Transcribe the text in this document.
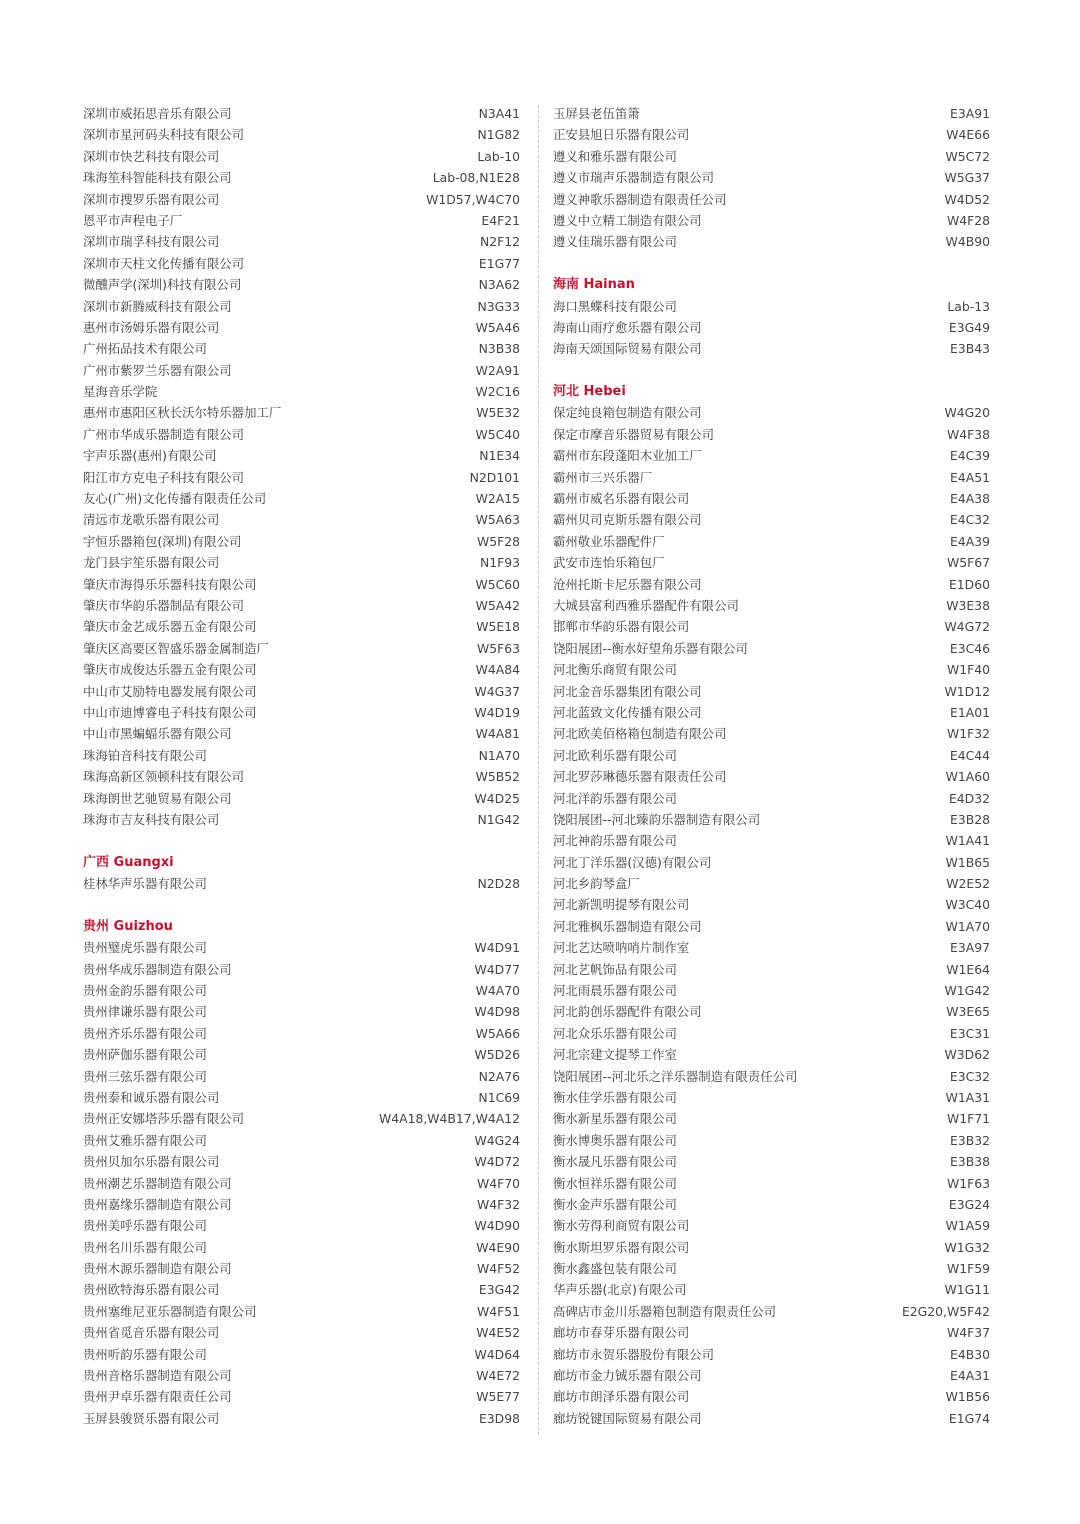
深圳市威拓思音乐有限公司	N3A41
深圳市星河码头科技有限公司	N1G82
深圳市快艺科技有限公司	Lab-10
珠海笙科智能科技有限公司	Lab-08,N1E28
深圳市搜罗乐器有限公司	W1D57,W4C70
恩平市声程电子厂	E4F21
深圳市瑞孚科技有限公司	N2F12
深圳市天柱文化传播有限公司	E1G77
微醺声学(深圳)科技有限公司	N3A62
深圳市新腾威科技有限公司	N3G33
惠州市汤姆乐器有限公司	W5A46
广州拓品技术有限公司	N3B38
广州市紫罗兰乐器有限公司	W2A91
星海音乐学院	W2C16
惠州市惠阳区秋长沃尔特乐器加工厂	W5E32
广州市华成乐器制造有限公司	W5C40
宇声乐器(惠州)有限公司	N1E34
阳江市方克电子科技有限公司	N2D101
友心(广州)文化传播有限责任公司	W2A15
清远市龙歌乐器有限公司	W5A63
宇恒乐器箱包(深圳)有限公司	W5F28
龙门县宇笙乐器有限公司	N1F93
肇庆市海得乐乐器科技有限公司	W5C60
肇庆市华韵乐器制品有限公司	W5A42
肇庆市金艺成乐器五金有限公司	W5E18
肇庆区高要区智盛乐器金属制造厂	W5F63
肇庆市成俊达乐器五金有限公司	W4A84
中山市艾励特电器发展有限公司	W4G37
中山市迪博睿电子科技有限公司	W4D19
中山市黑蝙蝠乐器有限公司	W4A81
珠海铂音科技有限公司	N1A70
珠海高新区领顿科技有限公司	W5B52
珠海朗世艺驰贸易有限公司	W4D25
珠海市吉友科技有限公司	N1G42
广西 Guangxi
桂林华声乐器有限公司	N2D28
贵州 Guizhou
贵州璧虎乐器有限公司	W4D91
贵州华成乐器制造有限公司	W4D77
贵州金韵乐器有限公司	W4A70
贵州律谦乐器有限公司	W4D98
贵州齐乐乐器有限公司	W5A66
贵州萨伽乐器有限公司	W5D26
贵州三弦乐器有限公司	N2A76
贵州泰和诚乐器有限公司	N1C69
贵州正安娜塔莎乐器有限公司	W4A18,W4B17,W4A12
贵州艾雅乐器有限公司	W4G24
贵州贝加尔乐器有限公司	W4D72
贵州潮艺乐器制造有限公司	W4F70
贵州嘉缘乐器制造有限公司	W4F32
贵州美呼乐器有限公司	W4D90
贵州名川乐器有限公司	W4E90
贵州木源乐器制造有限公司	W4F52
贵州欧特海乐器有限公司	E3G42
贵州塞维尼亚乐器制造有限公司	W4F51
贵州省觅音乐器有限公司	W4E52
贵州听韵乐器有限公司	W4D64
贵州音格乐器制造有限公司	W4E72
贵州尹卓乐器有限责任公司	W5E77
玉屏县骏贤乐器有限公司	E3D98
玉屏县老伍笛箫	E3A91
正安县旭日乐器有限公司	W4E66
遵义和雅乐器有限公司	W5C72
遵义市瑞声乐器制造有限公司	W5G37
遵义神歌乐器制造有限责任公司	W4D52
遵义中立精工制造有限公司	W4F28
遵义佳瑞乐器有限公司	W4B90
海南 Hainan
海口黑蝶科技有限公司	Lab-13
海南山雨疗愈乐器有限公司	E3G49
海南天颂国际贸易有限公司	E3B43
河北 Hebei
保定纯良箱包制造有限公司	W4G20
保定市摩音乐器贸易有限公司	W4F38
霸州市东段蓬阳木业加工厂	E4C39
霸州市三兴乐器厂	E4A51
霸州市威名乐器有限公司	E4A38
霸州贝司克斯乐器有限公司	E4C32
霸州敬业乐器配件厂	E4A39
武安市连怡乐箱包厂	W5F67
沧州托斯卡尼乐器有限公司	E1D60
大城县富利西雅乐器配件有限公司	W3E38
邯郸市华韵乐器有限公司	W4G72
饶阳展团--衡水好望角乐器有限公司	E3C46
河北衡乐商贸有限公司	W1F40
河北金音乐器集团有限公司	W1D12
河北蓝致文化传播有限公司	E1A01
河北欧美佰格箱包制造有限公司	W1F32
河北欧利乐器有限公司	E4C44
河北罗莎琳德乐器有限责任公司	W1A60
河北洋韵乐器有限公司	E4D32
饶阳展团--河北臻韵乐器制造有限公司	E3B28
河北神韵乐器有限公司	W1A41
河北丁洋乐器(汉德)有限公司	W1B65
河北乡韵琴盒厂	W2E52
河北新凯明提琴有限公司	W3C40
河北雅枫乐器制造有限公司	W1A70
河北艺达喷呐哨片制作室	E3A97
河北艺帆饰品有限公司	W1E64
河北雨晨乐器有限公司	W1G42
河北韵创乐器配件有限公司	W3E65
河北众乐乐器有限公司	E3C31
河北宗建文提琴工作室	W3D62
饶阳展团--河北乐之洋乐器制造有限责任公司	E3C32
衡水佳学乐器有限公司	W1A31
衡水新星乐器有限公司	W1F71
衡水博奥乐器有限公司	E3B32
衡水晟凡乐器有限公司	E3B38
衡水恒祥乐器有限公司	W1F63
衡水金声乐器有限公司	E3G24
衡水劳得利商贸有限公司	W1A59
衡水斯坦罗乐器有限公司	W1G32
衡水鑫盛包装有限公司	W1F59
华声乐器(北京)有限公司	W1G11
高碑店市金川乐器箱包制造有限责任公司	E2G20,W5F42
廊坊市春芽乐器有限公司	W4F37
廊坊市永贺乐器股份有限公司	E4B30
廊坊市金力铖乐器有限公司	E4A31
廊坊市朗泽乐器有限公司	W1B56
廊坊锐键国际贸易有限公司	E1G74
